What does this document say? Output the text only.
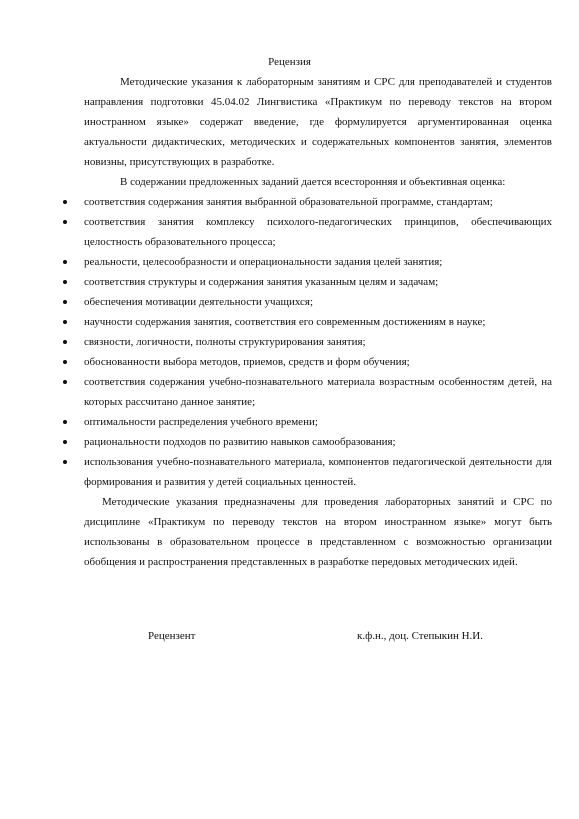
Рецензия

Методические указания к лабораторным занятиям и СРС для преподавателей и студентов направления подготовки 45.04.02 Лингвистика «Практикум по переводу текстов на втором иностранном языке» содержат введение, где формулируется аргументированная оценка актуальности дидактических, методических и содержательных компонентов занятия, элементов новизны, присутствующих в разработке.

В содержании предложенных заданий дается всесторонняя и объективная оценка:

соответствия содержания занятия выбранной образовательной программе, стандартам;
соответствия занятия комплексу психолого-педагогических принципов, обеспечивающих целостность образовательного процесса;
реальности, целесообразности и операциональности задания целей занятия;
соответствия структуры и содержания занятия указанным целям и задачам;
обеспечения мотивации деятельности учащихся;
научности содержания занятия, соответствия его современным достижениям в науке;
связности, логичности, полноты структурирования занятия;
обоснованности выбора методов, приемов, средств и форм обучения;
соответствия содержания учебно-познавательного материала возрастным особенностям детей, на которых рассчитано данное занятие;
оптимальности распределения учебного времени;
рациональности подходов по развитию навыков самообразования;
использования учебно-познавательного материала, компонентов педагогической деятельности для формирования и развития у детей социальных ценностей.

Методические указания предназначены для проведения лабораторных занятий и СРС по дисциплине «Практикум по переводу текстов на втором иностранном языке» могут быть использованы в образовательном процессе в представленном с возможностью организации обобщения и распространения представленных в разработке передовых методических идей.

Рецензент	к.ф.н., доц. Степыкин Н.И.
